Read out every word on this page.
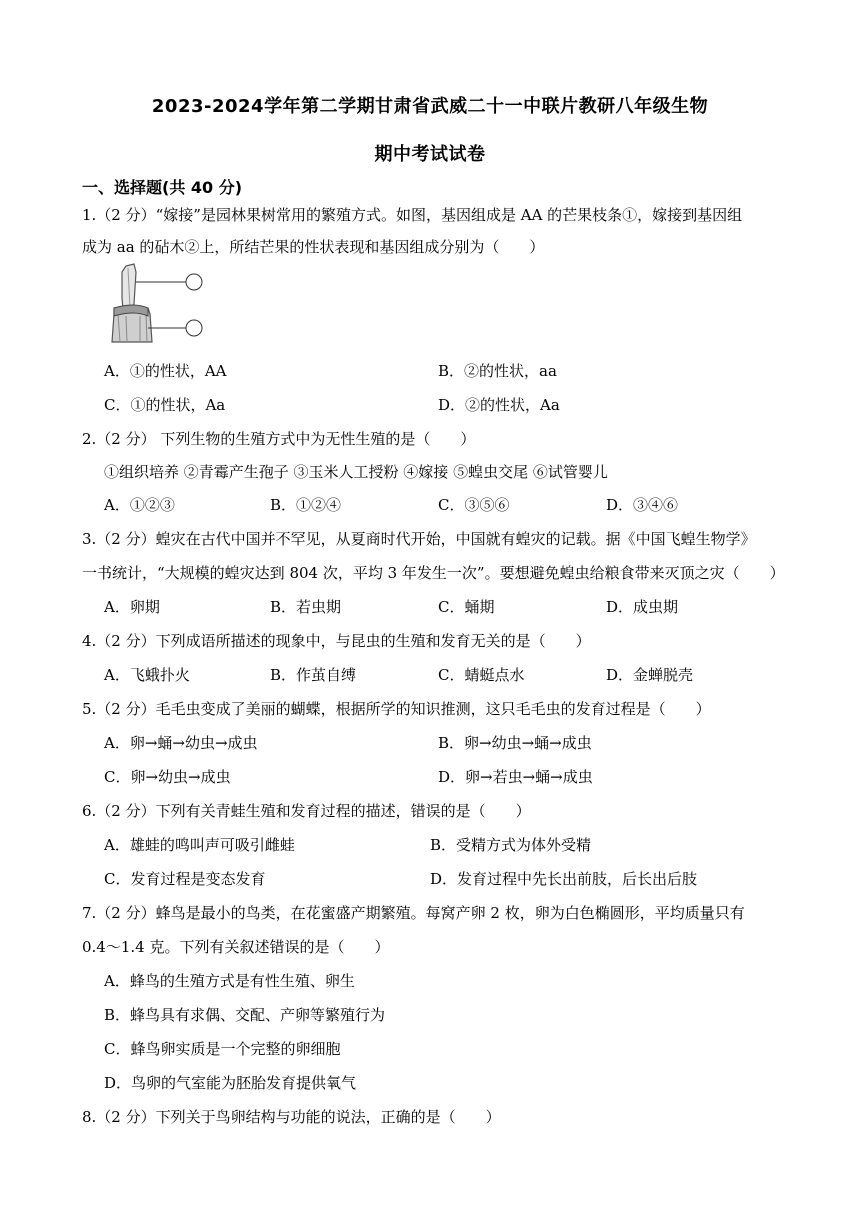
2023-2024学年第二学期甘肃省武威二十一中联片教研八年级生物
期中考试试卷
一、选择题(共 40 分)
1.（2 分）“嫁接”是园林果树常用的繁殖方式。如图，基因组成是 AA 的芒果枝条①，嫁接到基因组
成为 aa 的砧木②上，所结芒果的性状表现和基因组成分别为（　　）
A．①的性状，AA	B．②的性状，aa
C．①的性状，Aa	D．②的性状，Aa
2.（2 分） 下列生物的生殖方式中为无性生殖的是（　　）
①组织培养 ②青霉产生孢子 ③玉米人工授粉 ④嫁接 ⑤蝗虫交尾 ⑥试管婴儿
A．①②③	B．①②④	C．③⑤⑥	D．③④⑥
3.（2 分）蝗灾在古代中国并不罕见，从夏商时代开始，中国就有蝗灾的记载。据《中国飞蝗生物学》
一书统计，“大规模的蝗灾达到 804 次，平均 3 年发生一次”。要想避免蝗虫给粮食带来灭顶之灾（　　）
A．卵期	B．若虫期	C．蛹期	D．成虫期
4.（2 分）下列成语所描述的现象中，与昆虫的生殖和发育无关的是（　　）
A．飞蛾扑火	B．作茧自缚	C．蜻蜓点水	D．金蝉脱壳
5.（2 分）毛毛虫变成了美丽的蝴蝶，根据所学的知识推测，这只毛毛虫的发育过程是（　　）
A．卵→蛹→幼虫→成虫	B．卵→幼虫→蛹→成虫
C．卵→幼虫→成虫	D．卵→若虫→蛹→成虫
6.（2 分）下列有关青蛙生殖和发育过程的描述，错误的是（　　）
A．雄蛙的鸣叫声可吸引雌蛙	B．受精方式为体外受精
C．发育过程是变态发育	D．发育过程中先长出前肢，后长出后肢
7.（2 分）蜂鸟是最小的鸟类，在花蜜盛产期繁殖。每窝产卵 2 枚，卵为白色椭圆形，平均质量只有
0.4～1.4 克。下列有关叙述错误的是（　　）
A．蜂鸟的生殖方式是有性生殖、卵生
B．蜂鸟具有求偶、交配、产卵等繁殖行为
C．蜂鸟卵实质是一个完整的卵细胞
D．鸟卵的气室能为胚胎发育提供氧气
8.（2 分）下列关于鸟卵结构与功能的说法，正确的是（　　）
